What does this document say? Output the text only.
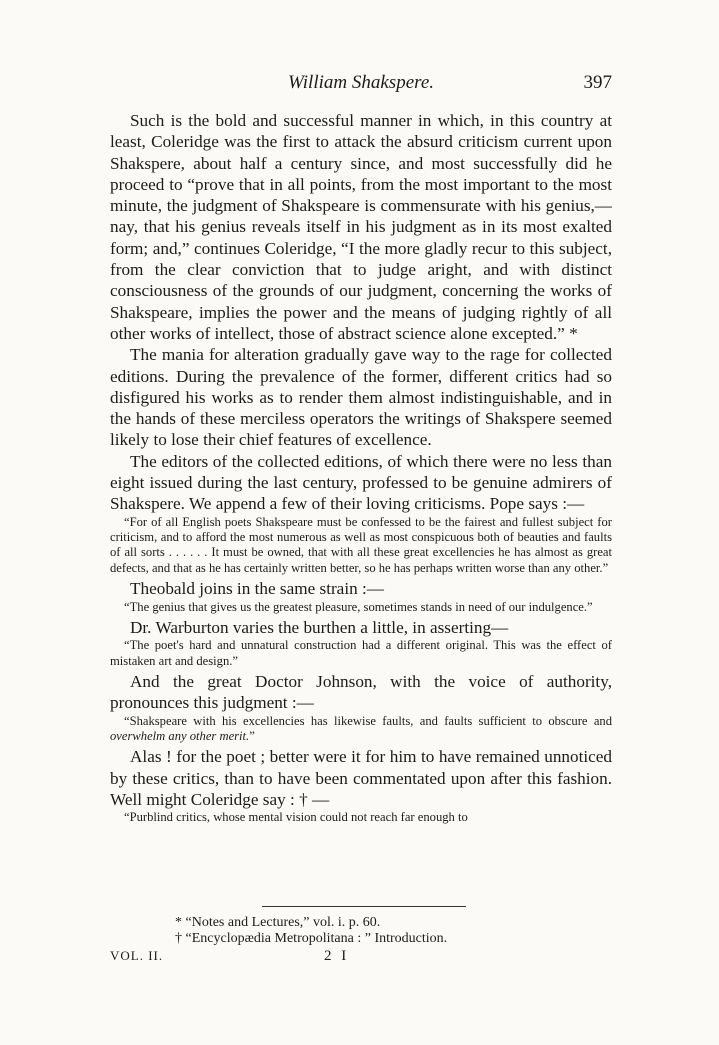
William Shakspere.	397

Such is the bold and successful manner in which, in this country at least, Coleridge was the first to attack the absurd criticism current upon Shakspere, about half a century since, and most successfully did he proceed to “prove that in all points, from the most important to the most minute, the judgment of Shakspeare is commensurate with his genius,—nay, that his genius reveals itself in his judgment as in its most exalted form; and,” continues Coleridge, “I the more gladly recur to this subject, from the clear conviction that to judge aright, and with distinct consciousness of the grounds of our judgment, concerning the works of Shakspeare, implies the power and the means of judging rightly of all other works of intellect, those of abstract science alone excepted.” *

The mania for alteration gradually gave way to the rage for collected editions. During the prevalence of the former, different critics had so disfigured his works as to render them almost indistinguishable, and in the hands of these merciless operators the writings of Shakspere seemed likely to lose their chief features of excellence.

The editors of the collected editions, of which there were no less than eight issued during the last century, professed to be genuine admirers of Shakspere. We append a few of their loving criticisms. Pope says :—

“For of all English poets Shakspeare must be confessed to be the fairest and fullest subject for criticism, and to afford the most numerous as well as most conspicuous both of beauties and faults of all sorts . . . . . . It must be owned, that with all these great excellencies he has almost as great defects, and that as he has certainly written better, so he has perhaps written worse than any other.”

Theobald joins in the same strain :—

“The genius that gives us the greatest pleasure, sometimes stands in need of our indulgence.”

Dr. Warburton varies the burthen a little, in asserting—

“The poet's hard and unnatural construction had a different original. This was the effect of mistaken art and design.”

And the great Doctor Johnson, with the voice of authority, pronounces this judgment :—

“Shakspeare with his excellencies has likewise faults, and faults sufficient to obscure and overwhelm any other merit.”

Alas ! for the poet ; better were it for him to have remained unnoticed by these critics, than to have been commentated upon after this fashion. Well might Coleridge say : † —

“Purblind critics, whose mental vision could not reach far enough to

* “Notes and Lectures,” vol. i. p. 60.
† “Encyclopædia Metropolitana : ” Introduction.
VOL. II.	2 I
